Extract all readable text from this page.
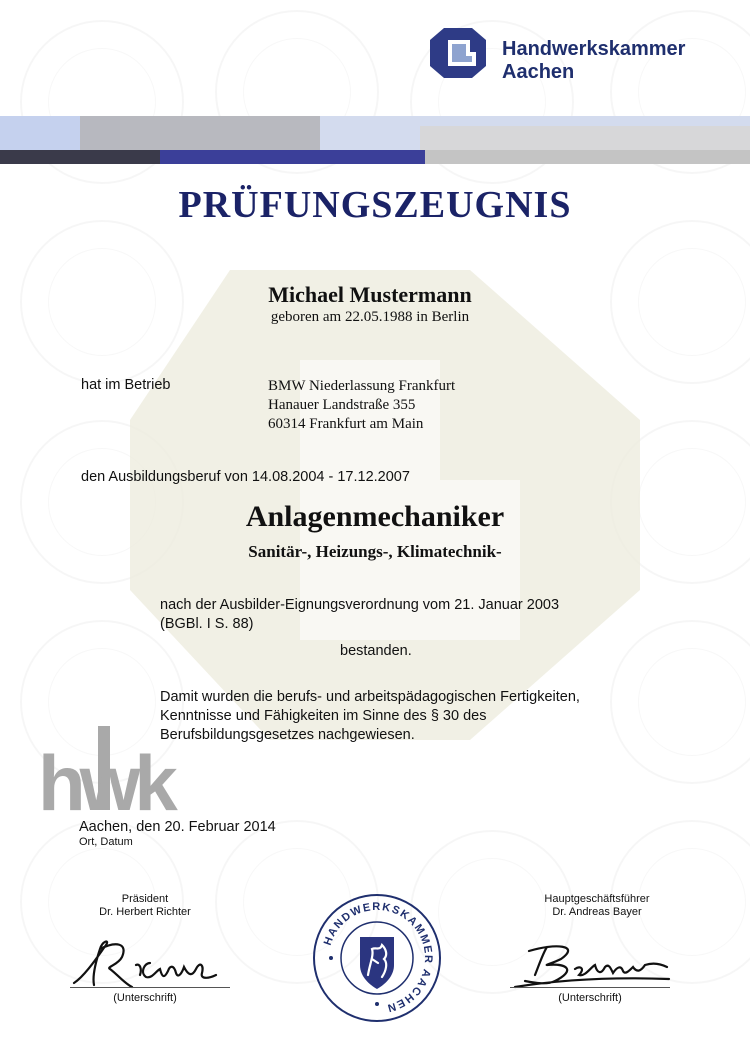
Handwerkskammer
Aachen
PRÜFUNGSZEUGNIS
Michael Mustermann
geboren am 22.05.1988 in Berlin
hat im Betrieb	BMW Niederlassung Frankfurt
Hanauer Landstraße 355
60314 Frankfurt am Main
den Ausbildungsberuf von 14.08.2004 - 17.12.2007
Anlagenmechaniker
Sanitär-, Heizungs-, Klimatechnik-
nach der Ausbilder-Eignungsverordnung vom 21. Januar 2003
(BGBl. I S. 88)
bestanden.
Damit wurden die berufs- und arbeitspädagogischen Fertigkeiten,
Kenntnisse und Fähigkeiten im Sinne des § 30 des
Berufsbildungsgesetzes nachgewiesen.
hwk
Aachen, den 20. Februar 2014
Ort, Datum
Präsident
Dr. Herbert Richter
(Unterschrift)
HANDWERKSKAMMER AACHEN
Hauptgeschäftsführer
Dr. Andreas Bayer
(Unterschrift)
